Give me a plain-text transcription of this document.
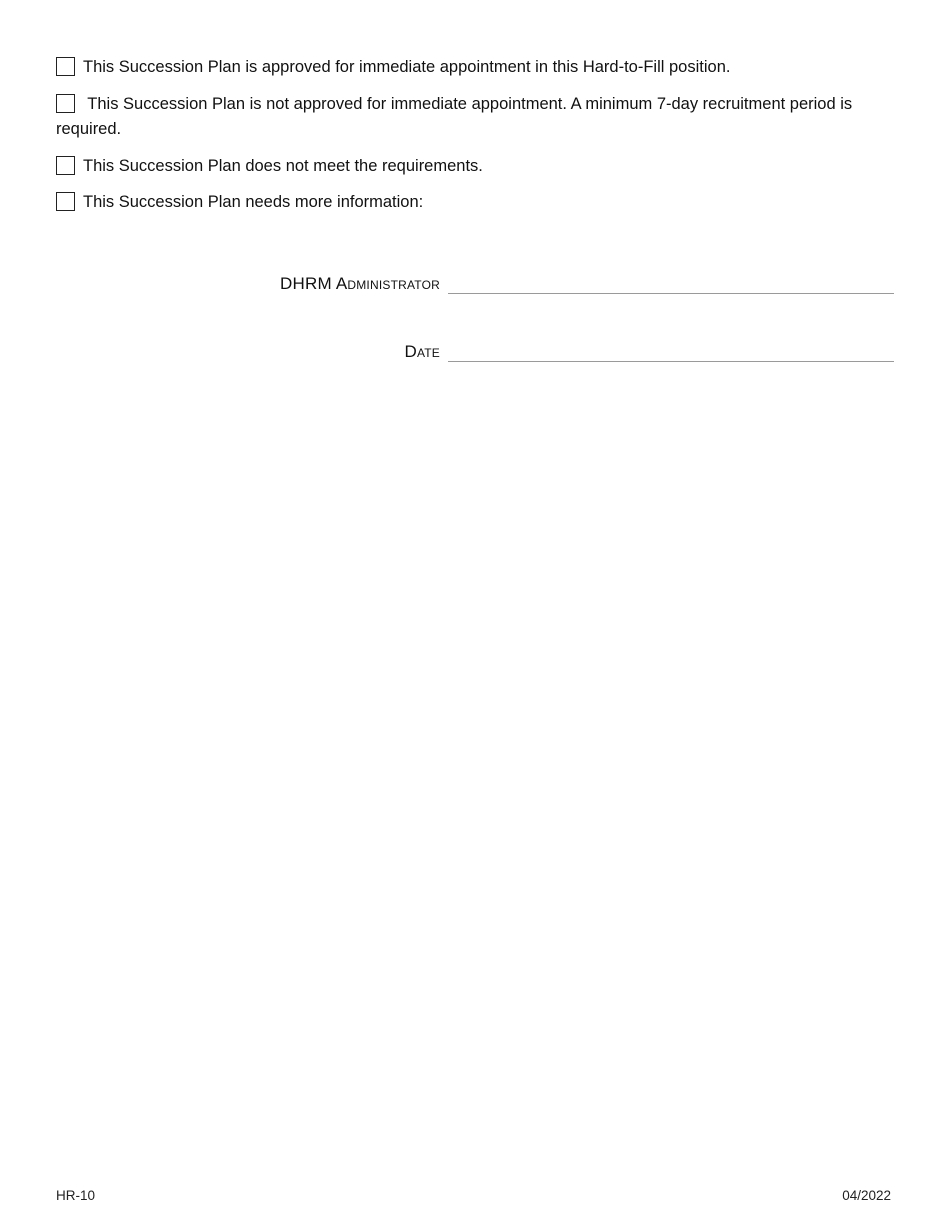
This Succession Plan is approved for immediate appointment in this Hard-to-Fill position.
This Succession Plan is not approved for immediate appointment. A minimum 7-day recruitment period is required.
This Succession Plan does not meet the requirements.
This Succession Plan needs more information:
DHRM Administrator
Date
HR-10	04/2022
